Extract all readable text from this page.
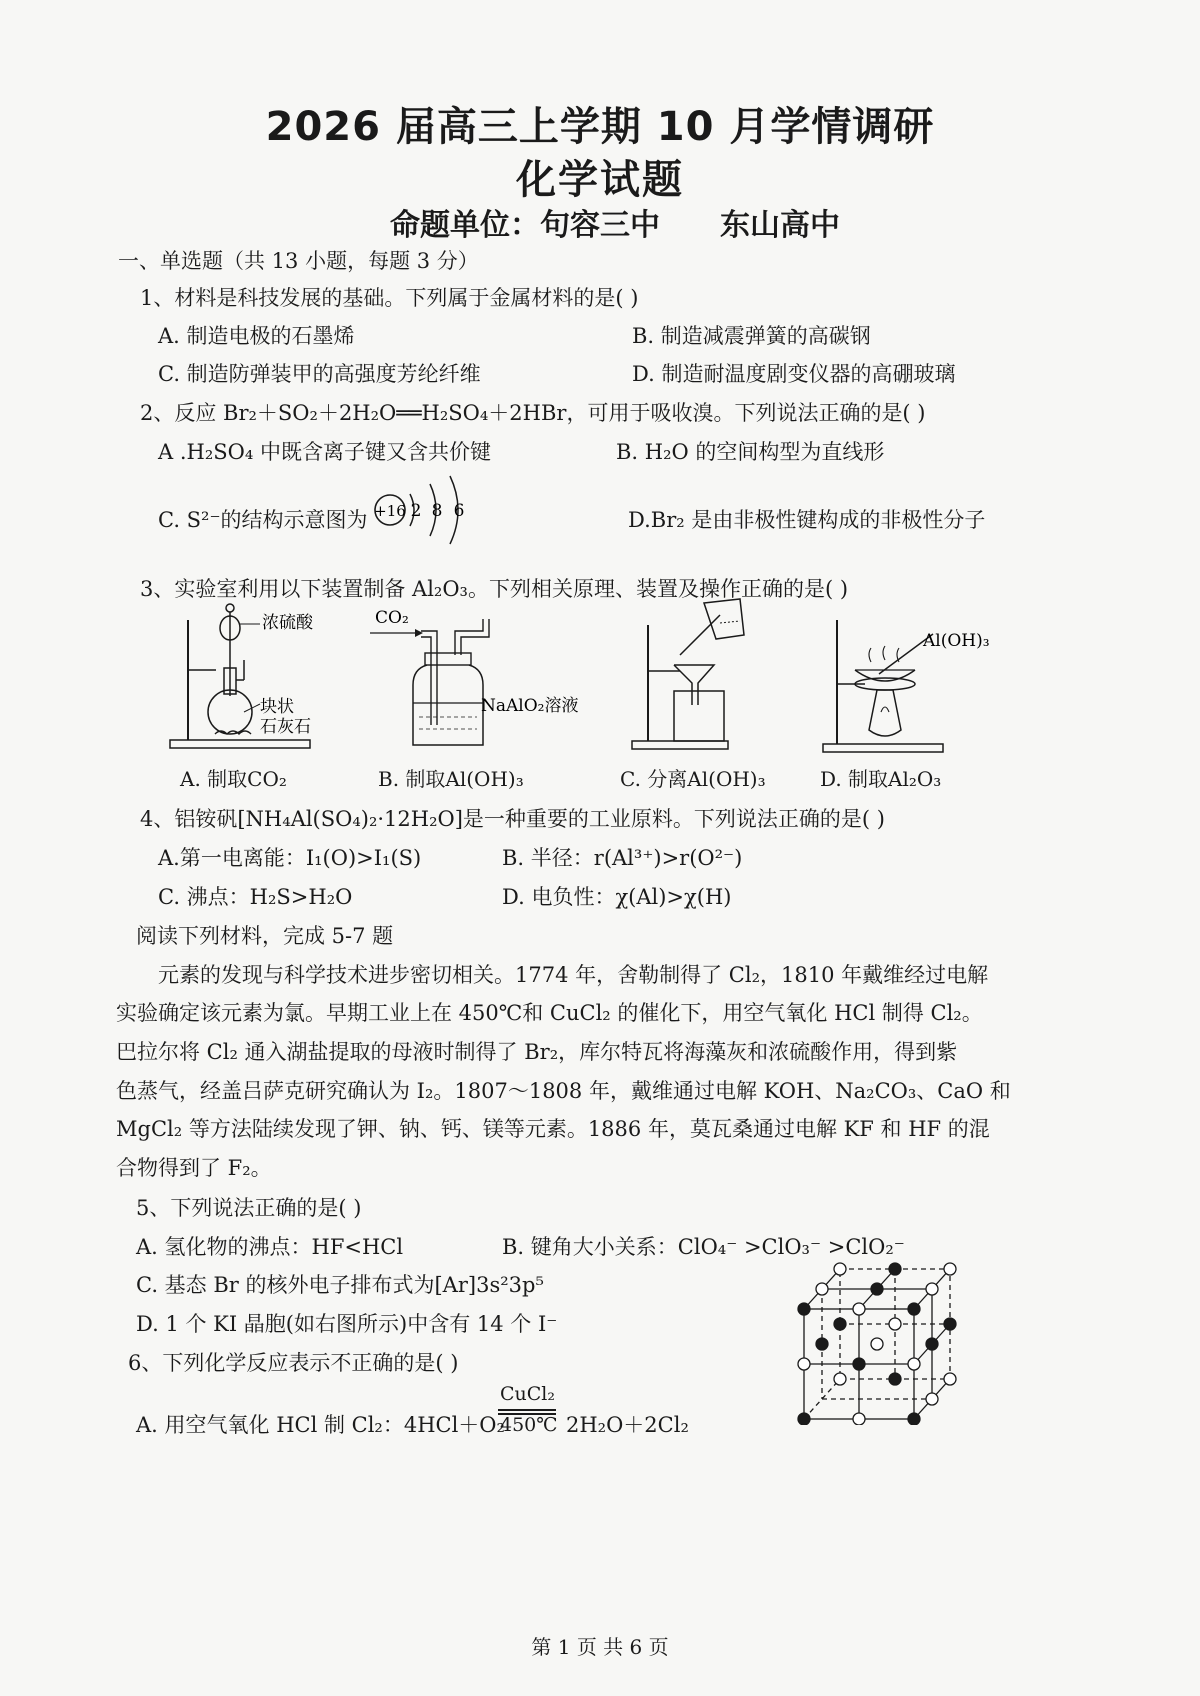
2026 届高三上学期 10 月学情调研
化学试题
命题单位：句容三中 东山高中
一、单选题（共 13 小题，每题 3 分）
1、材料是科技发展的基础。下列属于金属材料的是( )
A. 制造电极的石墨烯	B. 制造减震弹簧的高碳钢
C. 制造防弹装甲的高强度芳纶纤维	D. 制造耐温度剧变仪器的高硼玻璃
2、反应 Br₂＋SO₂＋2H₂O══H₂SO₄＋2HBr，可用于吸收溴。下列说法正确的是( )
A .H₂SO₄ 中既含离子键又含共价键	B. H₂O 的空间构型为直线形
C. S²⁻的结构示意图为 +16 2 8 6	D.Br₂ 是由非极性键构成的非极性分子
3、实验室利用以下装置制备 Al₂O₃。下列相关原理、装置及操作正确的是( )
浓硫酸
块状
石灰石
CO₂
NaAlO₂溶液
Al(OH)₃
A. 制取CO₂	B. 制取Al(OH)₃	C. 分离Al(OH)₃	D. 制取Al₂O₃
4、铝铵矾[NH₄Al(SO₄)₂·12H₂O]是一种重要的工业原料。下列说法正确的是( )
A.第一电离能：I₁(O)>I₁(S)	B. 半径：r(Al³⁺)>r(O²⁻)
C. 沸点：H₂S>H₂O	D. 电负性：χ(Al)>χ(H)
阅读下列材料，完成 5-7 题
元素的发现与科学技术进步密切相关。1774 年，舍勒制得了 Cl₂，1810 年戴维经过电解
实验确定该元素为氯。早期工业上在 450℃和 CuCl₂ 的催化下，用空气氧化 HCl 制得 Cl₂。
巴拉尔将 Cl₂ 通入湖盐提取的母液时制得了 Br₂，库尔特瓦将海藻灰和浓硫酸作用，得到紫
色蒸气，经盖吕萨克研究确认为 I₂。1807～1808 年，戴维通过电解 KOH、Na₂CO₃、CaO 和
MgCl₂ 等方法陆续发现了钾、钠、钙、镁等元素。1886 年，莫瓦桑通过电解 KF 和 HF 的混
合物得到了 F₂。
5、下列说法正确的是( )
A. 氢化物的沸点：HF<HCl	B. 键角大小关系：ClO₄⁻ >ClO₃⁻ >ClO₂⁻
C. 基态 Br 的核外电子排布式为[Ar]3s²3p⁵
D. 1 个 KI 晶胞(如右图所示)中含有 14 个 I⁻
6、下列化学反应表示不正确的是( )
A. 用空气氧化 HCl 制 Cl₂：4HCl＋O₂
CuCl₂
450℃ 2H₂O＋2Cl₂
第 1 页 共 6 页
